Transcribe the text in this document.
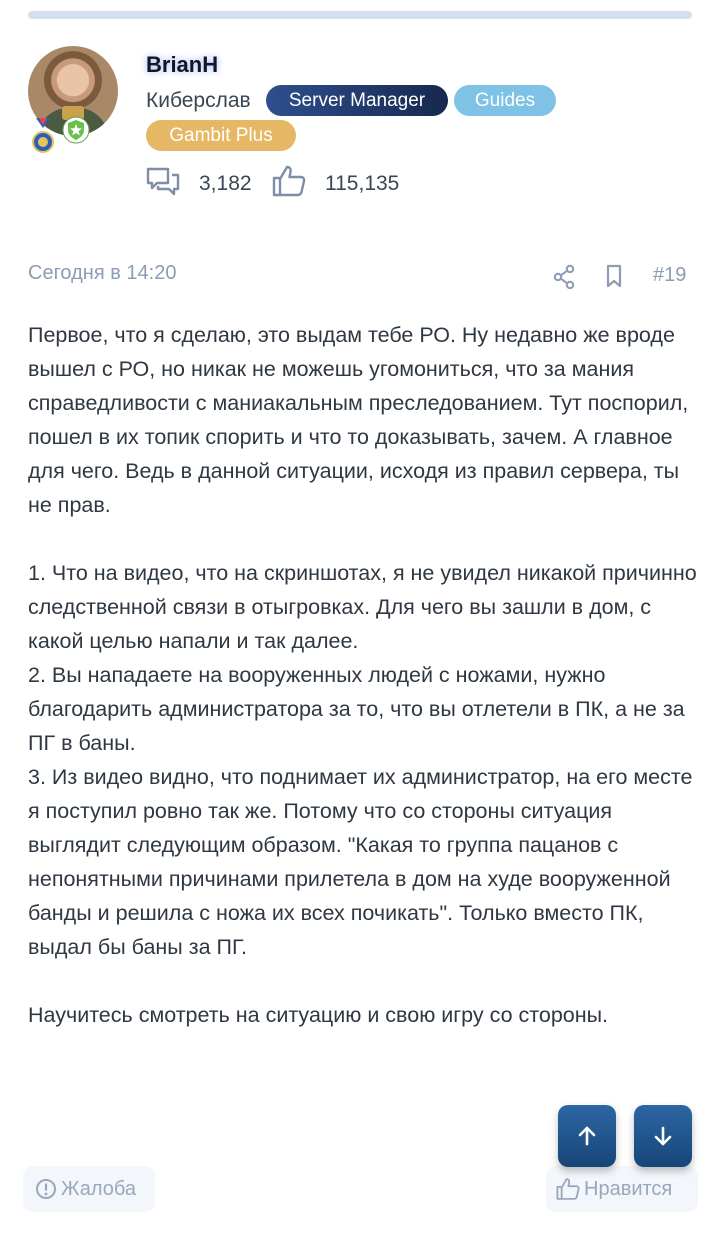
BrianH
Киберслав	Server Manager	Guides
Gambit Plus
3,182	115,135
Сегодня в 14:20	#19

Первое, что я сделаю, это выдам тебе РО. Ну недавно же вроде вышел с РО, но никак не можешь угомониться, что за мания справедливости с маниакальным преследованием. Тут поспорил, пошел в их топик спорить и что то доказывать, зачем. А главное для чего. Ведь в данной ситуации, исходя из правил сервера, ты не прав.

1. Что на видео, что на скриншотах, я не увидел никакой причинно следственной связи в отыгровках. Для чего вы зашли в дом, с какой целью напали и так далее.

2. Вы нападаете на вооруженных людей с ножами, нужно благодарить администратора за то, что вы отлетели в ПК, а не за ПГ в баны.

3. Из видео видно, что поднимает их администратор, на его месте я поступил ровно так же. Потому что со стороны ситуация выглядит следующим образом. "Какая то группа пацанов с непонятными причинами прилетела в дом на худе вооруженной банды и решила с ножа их всех почикать". Только вместо ПК, выдал бы баны за ПГ.

Научитесь смотреть на ситуацию и свою игру со стороны.

Жалоба	Нравится
